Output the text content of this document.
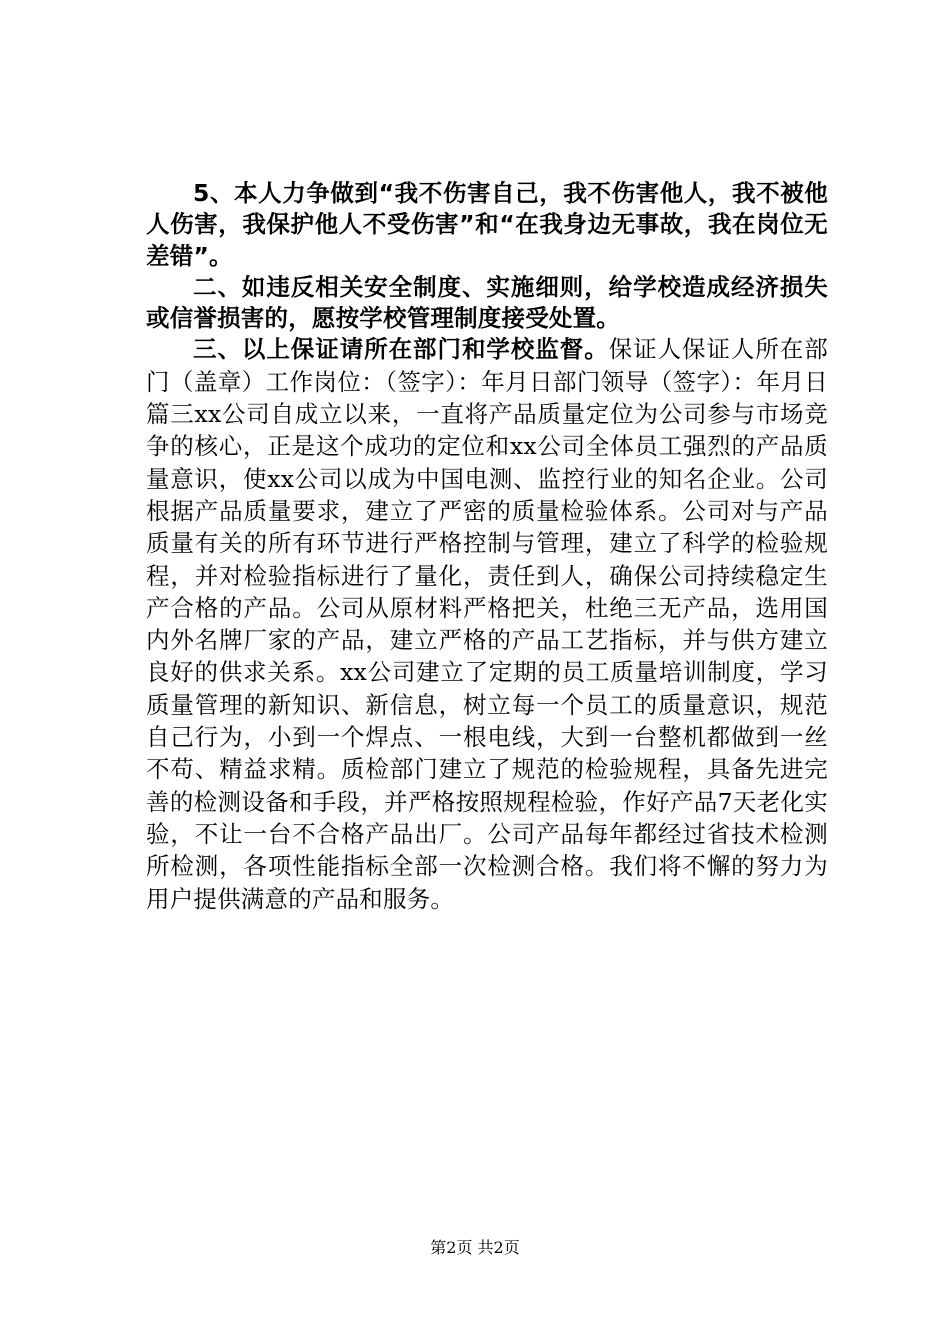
5、本人力争做到“我不伤害自己，我不伤害他人，我不被他人伤害，我保护他人不受伤害”和“在我身边无事故，我在岗位无差错”。

二、如违反相关安全制度、实施细则，给学校造成经济损失或信誉损害的，愿按学校管理制度接受处置。

三、以上保证请所在部门和学校监督。保证人保证人所在部门（盖章）工作岗位：（签字）：年月日部门领导（签字）：年月日篇三xx公司自成立以来，一直将产品质量定位为公司参与市场竞争的核心，正是这个成功的定位和xx公司全体员工强烈的产品质量意识，使xx公司以成为中国电测、监控行业的知名企业。公司根据产品质量要求，建立了严密的质量检验体系。公司对与产品质量有关的所有环节进行严格控制与管理，建立了科学的检验规程，并对检验指标进行了量化，责任到人，确保公司持续稳定生产合格的产品。公司从原材料严格把关，杜绝三无产品，选用国内外名牌厂家的产品，建立严格的产品工艺指标，并与供方建立良好的供求关系。xx公司建立了定期的员工质量培训制度，学习质量管理的新知识、新信息，树立每一个员工的质量意识，规范自己行为，小到一个焊点、一根电线，大到一台整机都做到一丝不苟、精益求精。质检部门建立了规范的检验规程，具备先进完善的检测设备和手段，并严格按照规程检验，作好产品7天老化实验，不让一台不合格产品出厂。公司产品每年都经过省技术检测所检测，各项性能指标全部一次检测合格。我们将不懈的努力为用户提供满意的产品和服务。

第2页 共2页
